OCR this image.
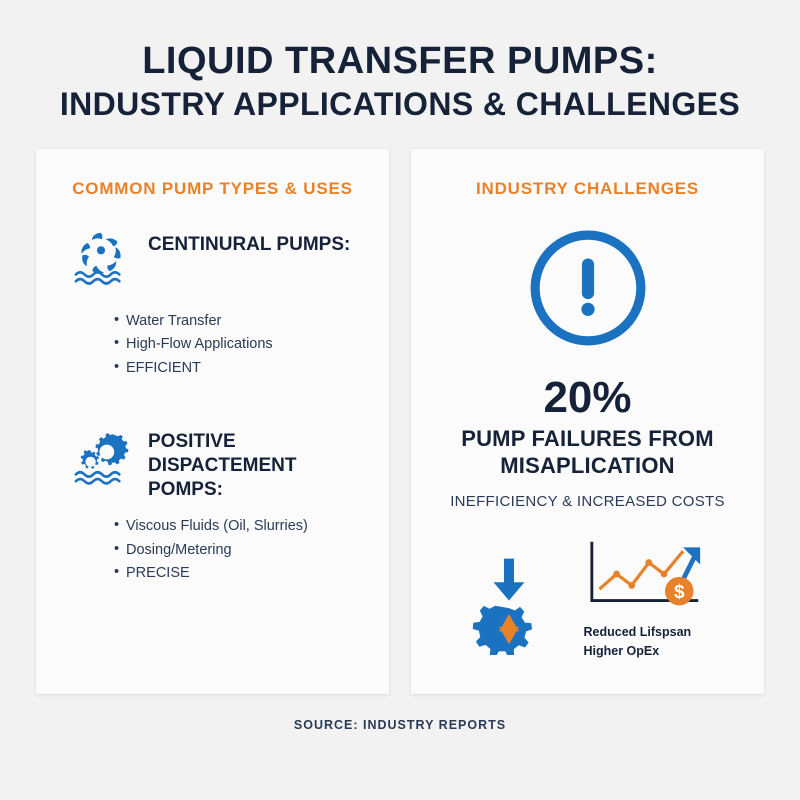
LIQUID TRANSFER PUMPS:
INDUSTRY APPLICATIONS & CHALLENGES
COMMON PUMP TYPES & USES
CENTINURAL PUMPS:
• Water Transfer
• High-Flow Applications
• EFFICIENT
POSITIVE DISPACTEMENT POMPS:
• Viscous Fluids (Oil, Slurries)
• Dosing/Metering
• PRECISE
INDUSTRY CHALLENGES
20%
PUMP FAILURES FROM MISAPLICATION
INEFFICIENCY & INCREASED COSTS
$
Reduced Lifspsan
Higher OpEx
SOURCE: INDUSTRY REPORTS
